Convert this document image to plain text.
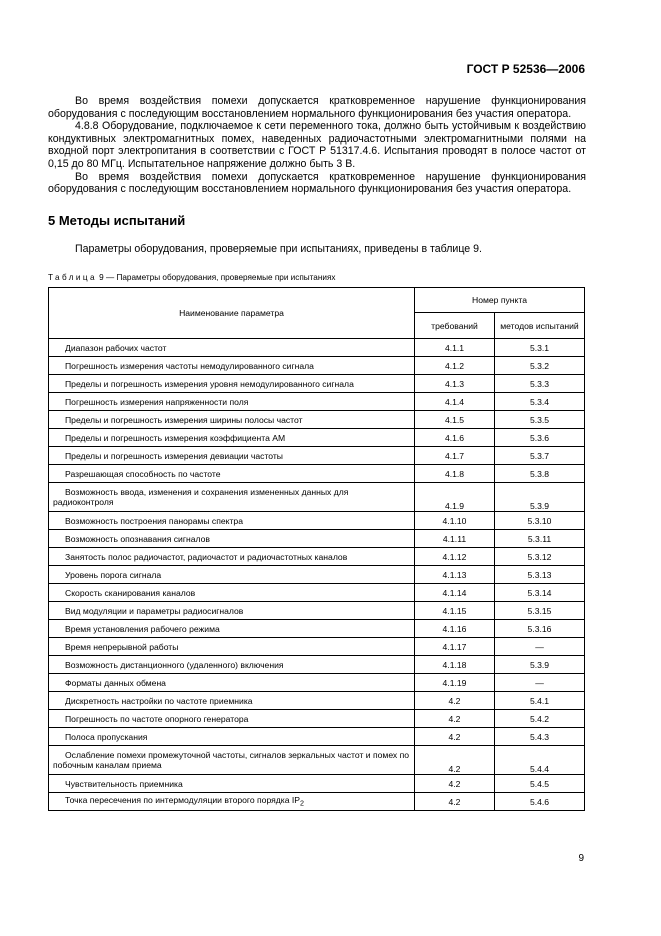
ГОСТ Р 52536—2006

Во время воздействия помехи допускается кратковременное нарушение функционирования оборудования с последующим восстановлением нормального функционирования без участия оператора.

4.8.8 Оборудование, подключаемое к сети переменного тока, должно быть устойчивым к воздействию кондуктивных электромагнитных помех, наведенных радиочастотными электромагнитными полями на входной порт электропитания в соответствии с ГОСТ Р 51317.4.6. Испытания проводят в полосе частот от 0,15 до 80 МГц. Испытательное напряжение должно быть 3 В.

Во время воздействия помехи допускается кратковременное нарушение функционирования оборудования с последующим восстановлением нормального функционирования без участия оператора.

5 Методы испытаний
Параметры оборудования, проверяемые при испытаниях, приведены в таблице 9.
Таблица 9 — Параметры оборудования, проверяемые при испытаниях
Наименование параметра	Номер пункта	
	требований	методов испытаний
Диапазон рабочих частот	4.1.1	5.3.1
Погрешность измерения частоты немодулированного сигнала	4.1.2	5.3.2
Пределы и погрешность измерения уровня немодулированного сигнала	4.1.3	5.3.3
Погрешность измерения напряженности поля	4.1.4	5.3.4
Пределы и погрешность измерения ширины полосы частот	4.1.5	5.3.5
Пределы и погрешность измерения коэффициента АМ	4.1.6	5.3.6
Пределы и погрешность измерения девиации частоты	4.1.7	5.3.7
Разрешающая способность по частоте	4.1.8	5.3.8
Возможность ввода, изменения и сохранения измененных данных для радиоконтроля	4.1.9	5.3.9
Возможность построения панорамы спектра	4.1.10	5.3.10
Возможность опознавания сигналов	4.1.11	5.3.11
Занятость полос радиочастот, радиочастот и радиочастотных каналов	4.1.12	5.3.12
Уровень порога сигнала	4.1.13	5.3.13
Скорость сканирования каналов	4.1.14	5.3.14
Вид модуляции и параметры радиосигналов	4.1.15	5.3.15
Время установления рабочего режима	4.1.16	5.3.16
Время непрерывной работы	4.1.17	—
Возможность дистанционного (удаленного) включения	4.1.18	5.3.9
Форматы данных обмена	4.1.19	—
Дискретность настройки по частоте приемника	4.2	5.4.1
Погрешность по частоте опорного генератора	4.2	5.4.2
Полоса пропускания	4.2	5.4.3
Ослабление помехи промежуточной частоты, сигналов зеркальных частот и помех по побочным каналам приема	4.2	5.4.4
Чувствительность приемника	4.2	5.4.5
Точка пересечения по интермодуляции второго порядка $IP_2$	4.2	5.4.6
9
